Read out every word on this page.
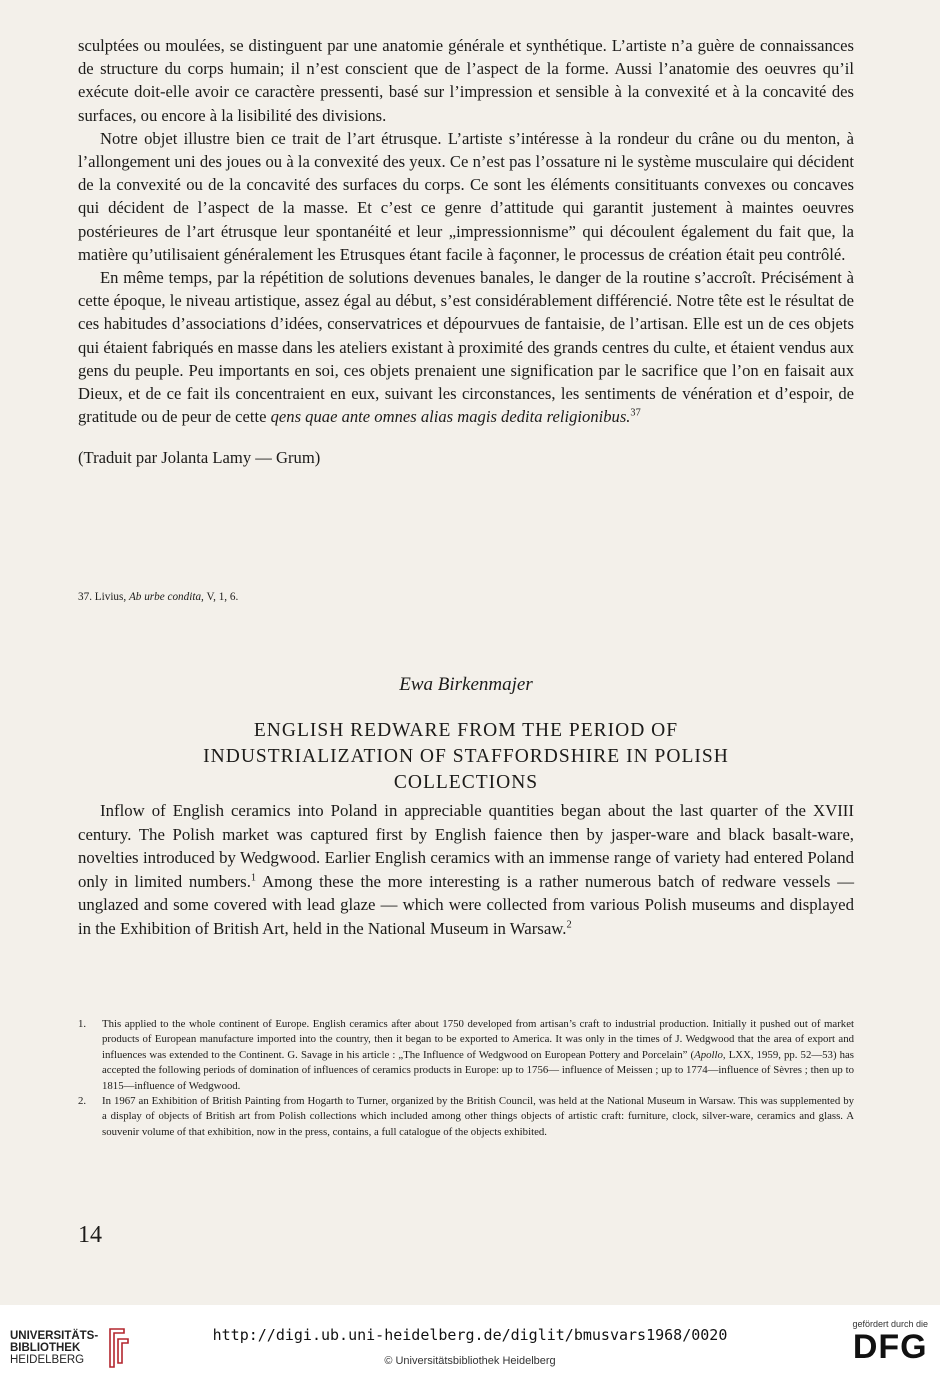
sculptées ou moulées, se distinguent par une anatomie générale et synthétique. L’artiste n’a guère de connaissances de structure du corps humain; il n’est conscient que de l’aspect de la forme. Aussi l’anatomie des oeuvres qu’il exécute doit-elle avoir ce caractère pressenti, basé sur l’impression et sensible à la convexité et à la concavité des surfaces, ou encore à la lisibilité des divisions.

Notre objet illustre bien ce trait de l’art étrusque. L’artiste s’intéresse à la rondeur du crâne ou du menton, à l’allongement uni des joues ou à la convexité des yeux. Ce n’est pas l’ossature ni le système musculaire qui décident de la convexité ou de la concavité des surfaces du corps. Ce sont les éléments consitituants convexes ou concaves qui décident de l’aspect de la masse. Et c’est ce genre d’attitude qui garantit justement à maintes oeuvres postérieures de l’art étrusque leur spontanéité et leur „impressionnisme” qui découlent également du fait que, la matière qu’utilisaient généralement les Etrusques étant facile à façonner, le processus de création était peu contrôlé.

En même temps, par la répétition de solutions devenues banales, le danger de la routine s’accroît. Précisément à cette époque, le niveau artistique, assez égal au début, s’est considérablement différencié. Notre tête est le résultat de ces habitudes d’associations d’idées, conservatrices et dépourvues de fantaisie, de l’artisan. Elle est un de ces objets qui étaient fabriqués en masse dans les ateliers existant à proximité des grands centres du culte, et étaient vendus aux gens du peuple. Peu importants en soi, ces objets prenaient une signification par le sacrifice que l’on en faisait aux Dieux, et de ce fait ils concentraient en eux, suivant les circonstances, les sentiments de vénération et d’espoir, de gratitude ou de peur de cette qens quae ante omnes alias magis dedita religionibus.$^{37}$

(Traduit par Jolanta Lamy — Grum)

37. Livius, Ab urbe condita, V, 1, 6.
Ewa Birkenmajer
ENGLISH REDWARE FROM THE PERIOD OF
INDUSTRIALIZATION OF STAFFORDSHIRE IN POLISH
COLLECTIONS

Inflow of English ceramics into Poland in appreciable quantities began about the last quarter of the XVIII century. The Polish market was captured first by English faience then by jasper-ware and black basalt-ware, novelties introduced by Wedgwood. Earlier English ceramics with an immense range of variety had entered Poland only in limited numbers.$^1$ Among these the more interesting is a rather numerous batch of redware vessels — unglazed and some covered with lead glaze — which were collected from various Polish museums and displayed in the Exhibition of British Art, held in the National Museum in Warsaw.$^2$

1.	This applied to the whole continent of Europe. English ceramics after about 1750 developed from artisan’s craft to industrial production. Initially it pushed out of market products of European manufacture imported into the country, then it began to be exported to America. It was only in the times of J. Wedgwood that the area of export and influences was extended to the Continent. G. Savage in his article : „The Influence of Wedgwood on European Pottery and Porcelain” (Apollo, LXX, 1959, pp. 52—53) has accepted the following periods of domination of influences of ceramics products in Europe: up to 1756— influence of Meissen ; up to 1774—influence of Sèvres ; then up to 1815—influence of Wedgwood.
2.	In 1967 an Exhibition of British Painting from Hogarth to Turner, organized by the British Council, was held at the National Museum in Warsaw. This was supplemented by a display of objects of British art from Polish collections which included among other things objects of artistic craft: furniture, clock, silver-ware, ceramics and glass. A souvenir volume of that exhibition, now in the press, contains, a full catalogue of the objects exhibited.
14
UNIVERSITÄTS-
BIBLIOTHEK
HEIDELBERG
http://digi.ub.uni-heidelberg.de/diglit/bmusvars1968/0020
© Universitätsbibliothek Heidelberg
gefördert durch die
DFG
